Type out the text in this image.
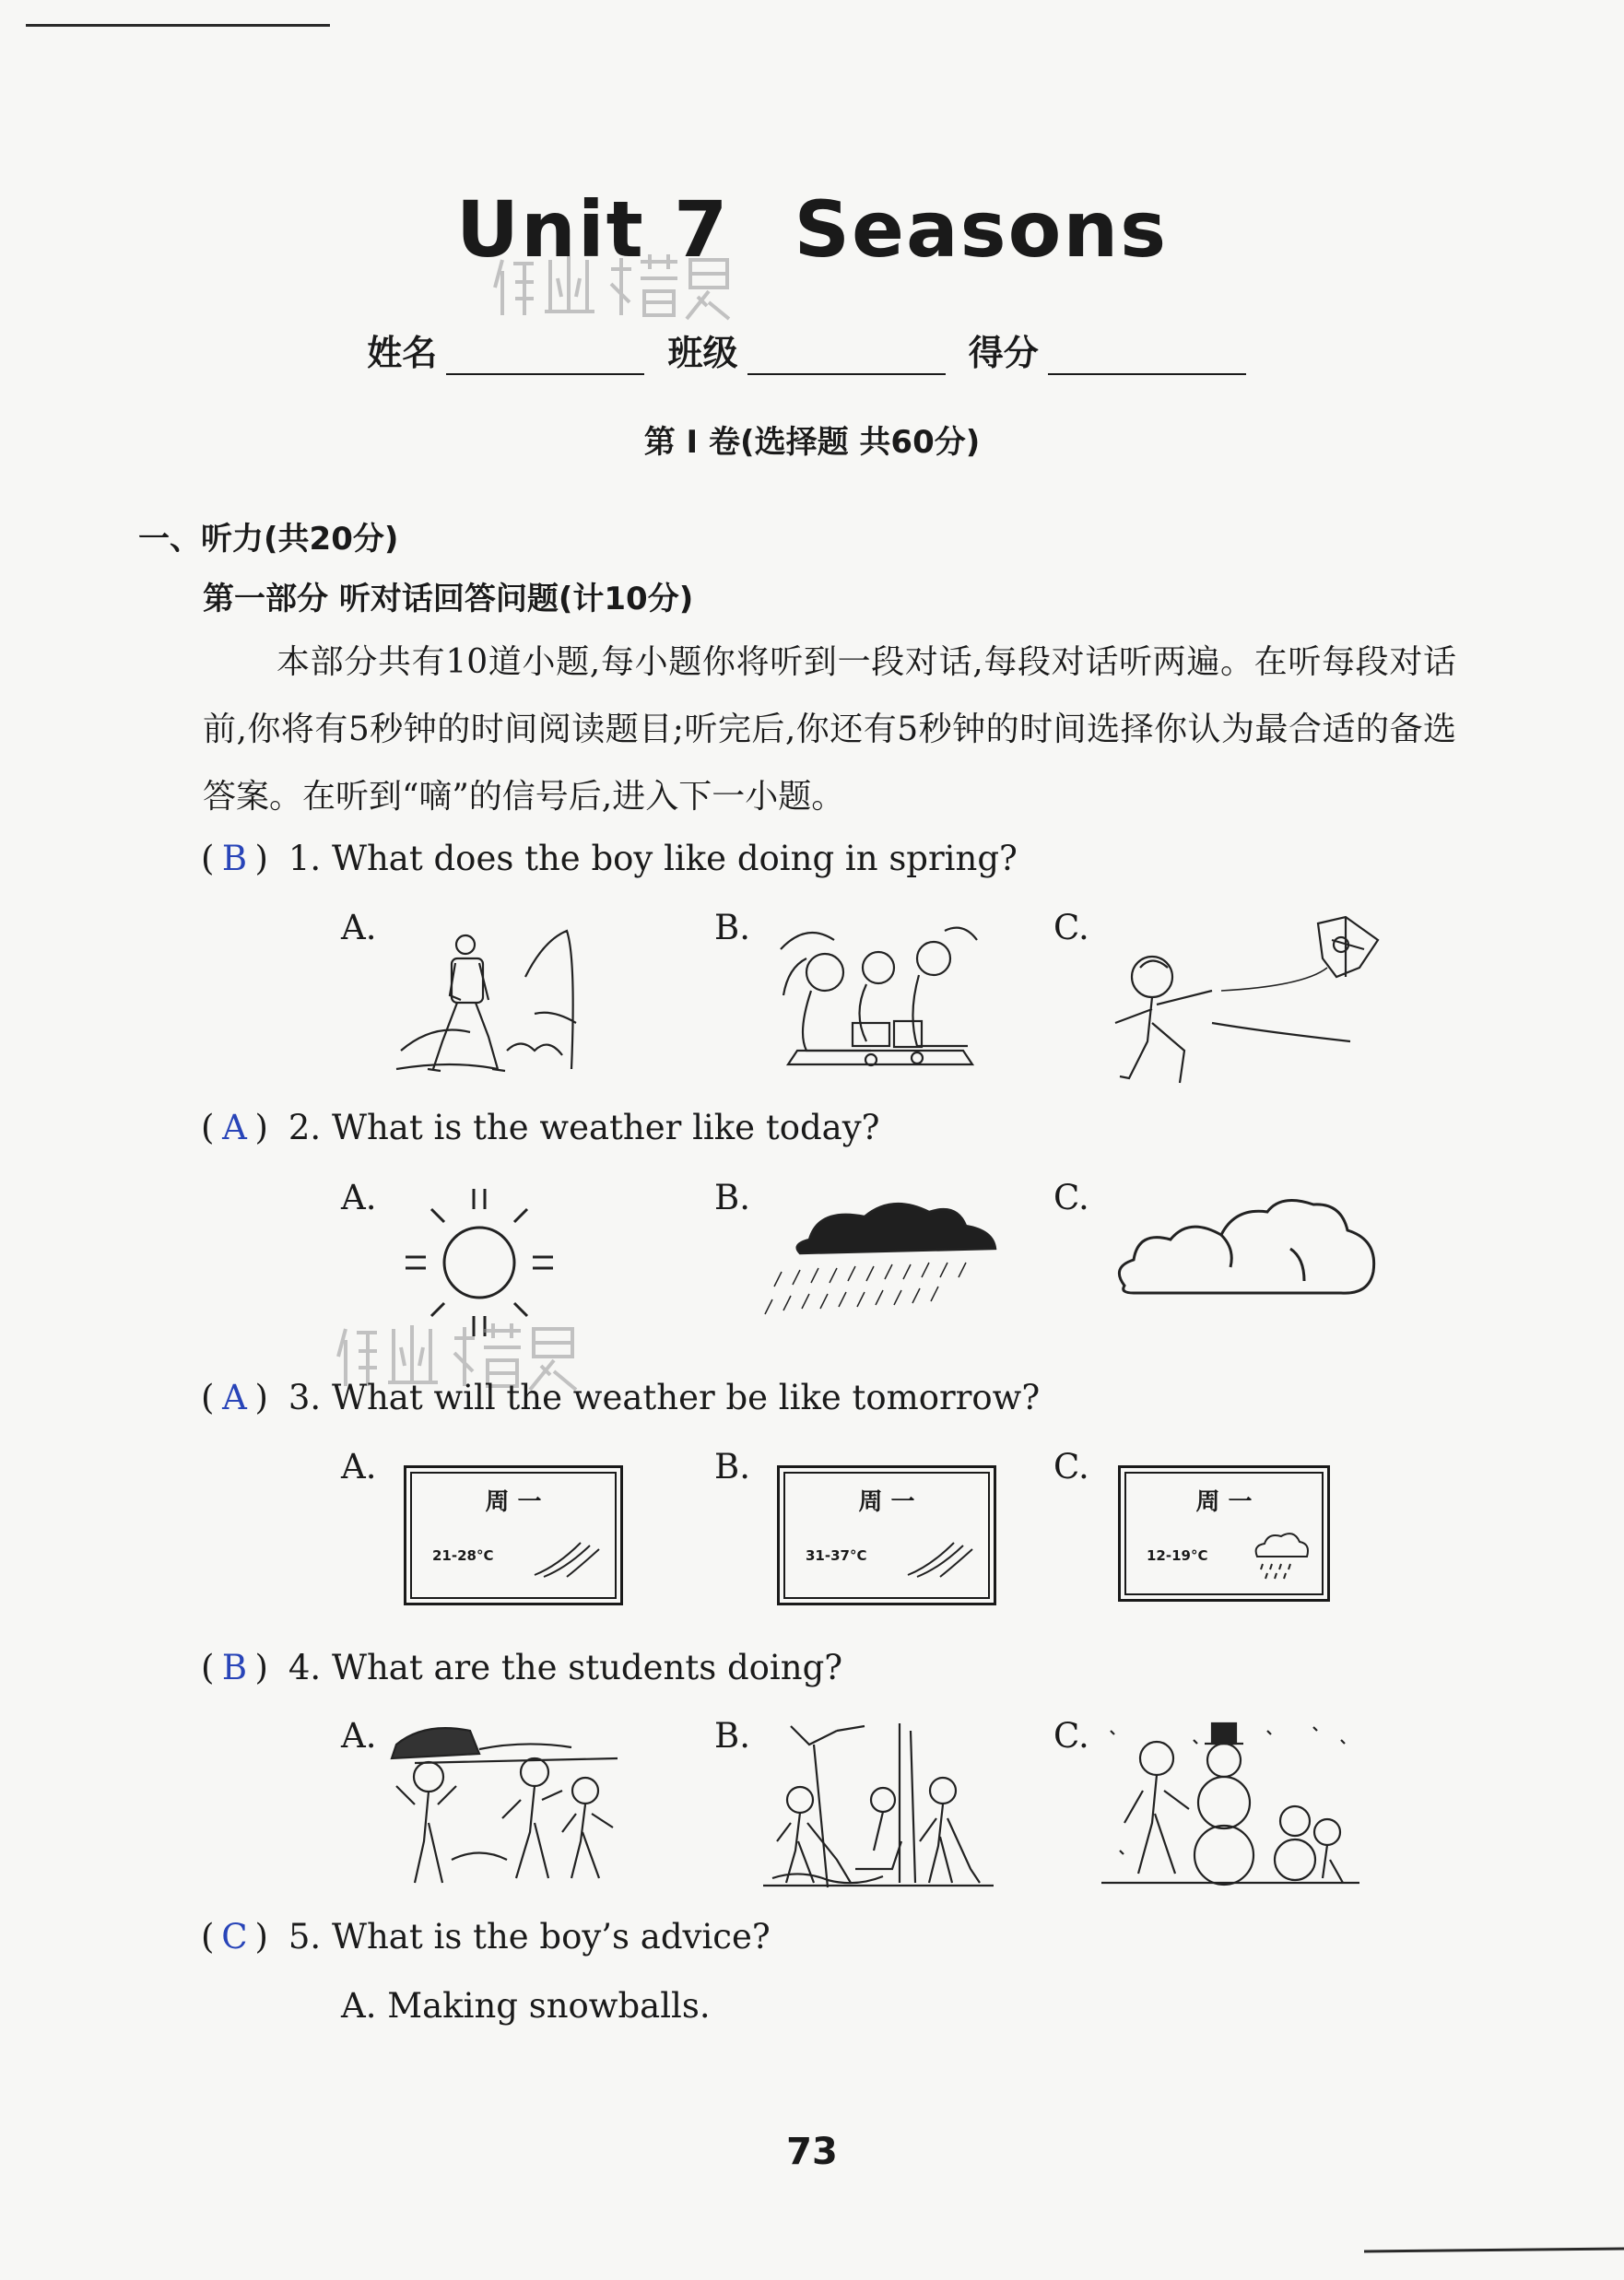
Unit 7 Seasons
姓名	班级	得分
第 I 卷(选择题 共60分)
一、听力(共20分)
第一部分 听对话回答问题(计10分)
本部分共有10道小题,每小题你将听到一段对话,每段对话听两遍。在听每段对话前,你将有5秒钟的时间阅读题目;听完后,你还有5秒钟的时间选择你认为最合适的备选答案。在听到“嘀”的信号后,进入下一小题。
( B ) 1. What does the boy like doing in spring?
A.	B.	C.
( A ) 2. What is the weather like today?
A.	B.	C.
( A ) 3. What will the weather be like tomorrow?
A.	B.	C.
周 一
21-28°C
周 一
31-37°C
周 一
12-19°C
( B ) 4. What are the students doing?
A.	B.	C.
( C ) 5. What is the boy’s advice?
A. Making snowballs.
73
